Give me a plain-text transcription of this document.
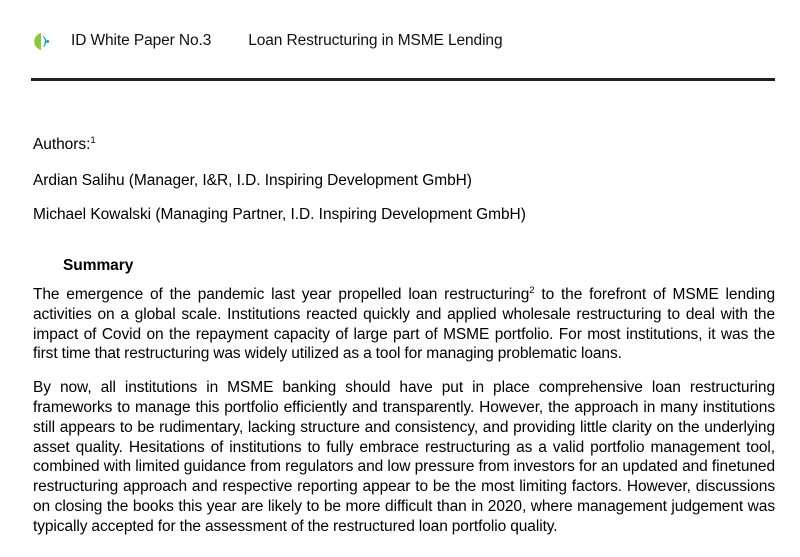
ID White Paper No.3 Loan Restructuring in MSME Lending

Authors:$^1$

Ardian Salihu (Manager, I&R, I.D. Inspiring Development GmbH)

Michael Kowalski (Managing Partner, I.D. Inspiring Development GmbH)

Summary

The emergence of the pandemic last year propelled loan restructuring$^2$ to the forefront of MSME lending activities on a global scale. Institutions reacted quickly and applied wholesale restructuring to deal with the impact of Covid on the repayment capacity of large part of MSME portfolio. For most institutions, it was the first time that restructuring was widely utilized as a tool for managing problematic loans.

By now, all institutions in MSME banking should have put in place comprehensive loan restructuring frameworks to manage this portfolio efficiently and transparently. However, the approach in many institutions still appears to be rudimentary, lacking structure and consistency, and providing little clarity on the underlying asset quality. Hesitations of institutions to fully embrace restructuring as a valid portfolio management tool, combined with limited guidance from regulators and low pressure from investors for an updated and finetuned restructuring approach and respective reporting appear to be the most limiting factors. However, discussions on closing the books this year are likely to be more difficult than in 2020, where management judgement was typically accepted for the assessment of the restructured loan portfolio quality.
